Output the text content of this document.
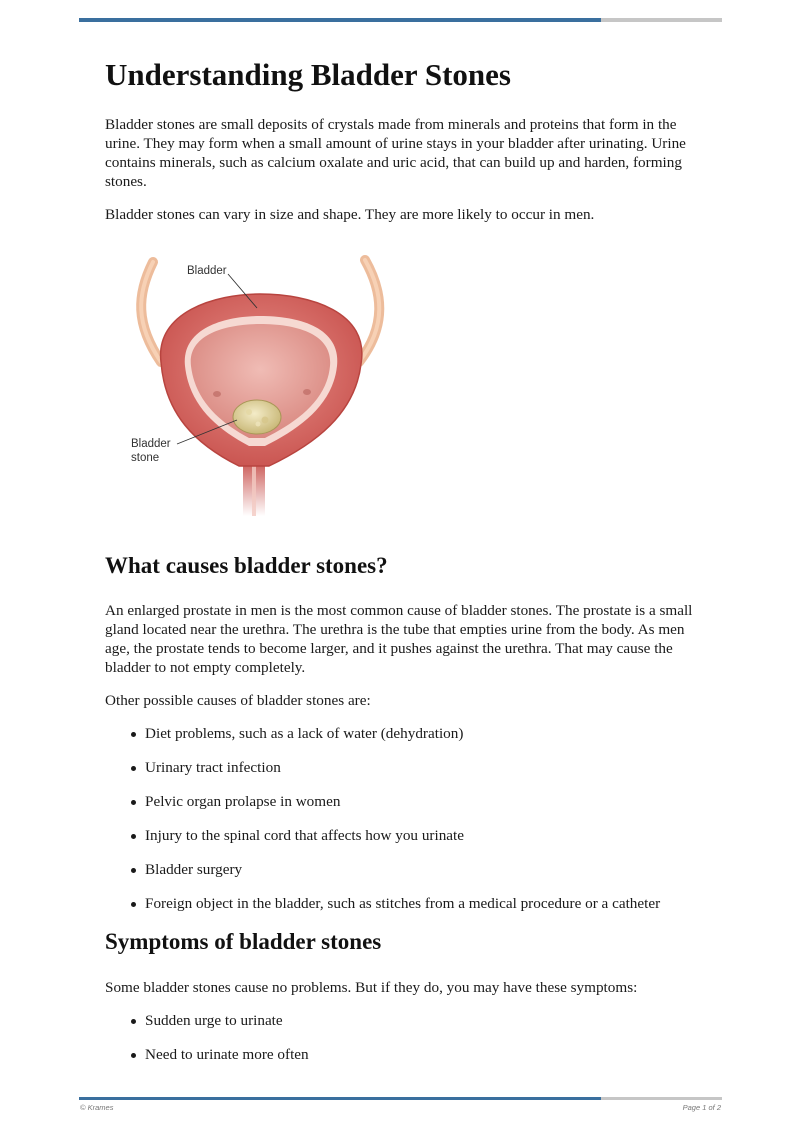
Understanding Bladder Stones

Bladder stones are small deposits of crystals made from minerals and proteins that form in the urine. They may form when a small amount of urine stays in your bladder after urinating. Urine contains minerals, such as calcium oxalate and uric acid, that can build up and harden, forming stones.

Bladder stones can vary in size and shape. They are more likely to occur in men.

Bladder
Bladder
stone
What causes bladder stones?

An enlarged prostate in men is the most common cause of bladder stones. The prostate is a small gland located near the urethra. The urethra is the tube that empties urine from the body. As men age, the prostate tends to become larger, and it pushes against the urethra. That may cause the bladder to not empty completely.

Other possible causes of bladder stones are:

Diet problems, such as a lack of water (dehydration)
Urinary tract infection
Pelvic organ prolapse in women
Injury to the spinal cord that affects how you urinate
Bladder surgery
Foreign object in the bladder, such as stitches from a medical procedure or a catheter
Symptoms of bladder stones

Some bladder stones cause no problems. But if they do, you may have these symptoms:

Sudden urge to urinate
Need to urinate more often
© Krames	Page 1 of 2
